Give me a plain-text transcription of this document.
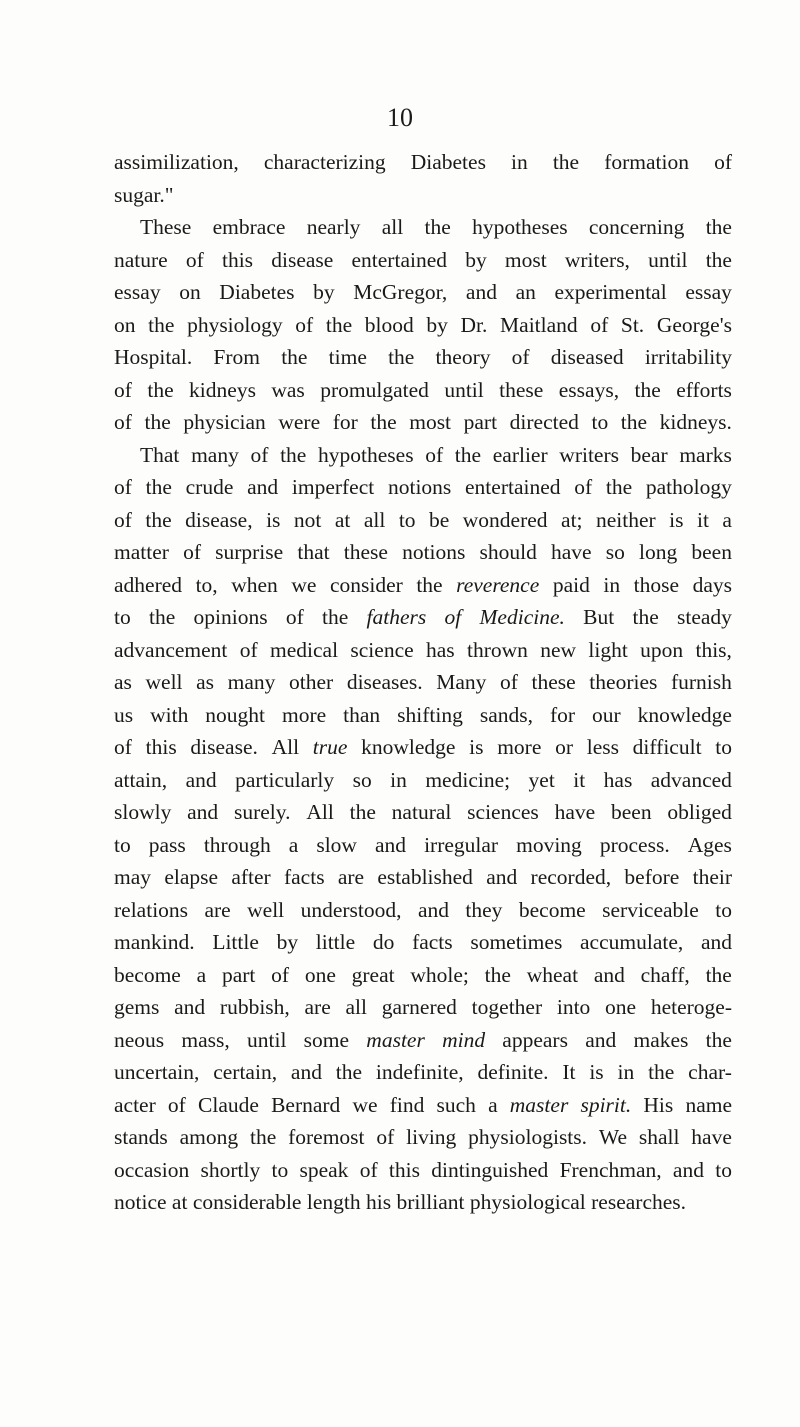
10
assimilization, characterizing Diabetes in the formation of
sugar."
These embrace nearly all the hypotheses concerning the
nature of this disease entertained by most writers, until the
essay on Diabetes by McGregor, and an experimental essay
on the physiology of the blood by Dr. Maitland of St. George's
Hospital. From the time the theory of diseased irritability
of the kidneys was promulgated until these essays, the efforts
of the physician were for the most part directed to the kidneys.
That many of the hypotheses of the earlier writers bear marks
of the crude and imperfect notions entertained of the pathology
of the disease, is not at all to be wondered at; neither is it a
matter of surprise that these notions should have so long been
adhered to, when we consider the reverence paid in those days
to the opinions of the fathers of Medicine. But the steady
advancement of medical science has thrown new light upon this,
as well as many other diseases. Many of these theories furnish
us with nought more than shifting sands, for our knowledge
of this disease. All true knowledge is more or less difficult to
attain, and particularly so in medicine; yet it has advanced
slowly and surely. All the natural sciences have been obliged
to pass through a slow and irregular moving process. Ages
may elapse after facts are established and recorded, before their
relations are well understood, and they become serviceable to
mankind. Little by little do facts sometimes accumulate, and
become a part of one great whole; the wheat and chaff, the
gems and rubbish, are all garnered together into one heteroge-
neous mass, until some master mind appears and makes the
uncertain, certain, and the indefinite, definite. It is in the char-
acter of Claude Bernard we find such a master spirit. His name
stands among the foremost of living physiologists. We shall have
occasion shortly to speak of this dintinguished Frenchman, and to
notice at considerable length his brilliant physiological researches.
